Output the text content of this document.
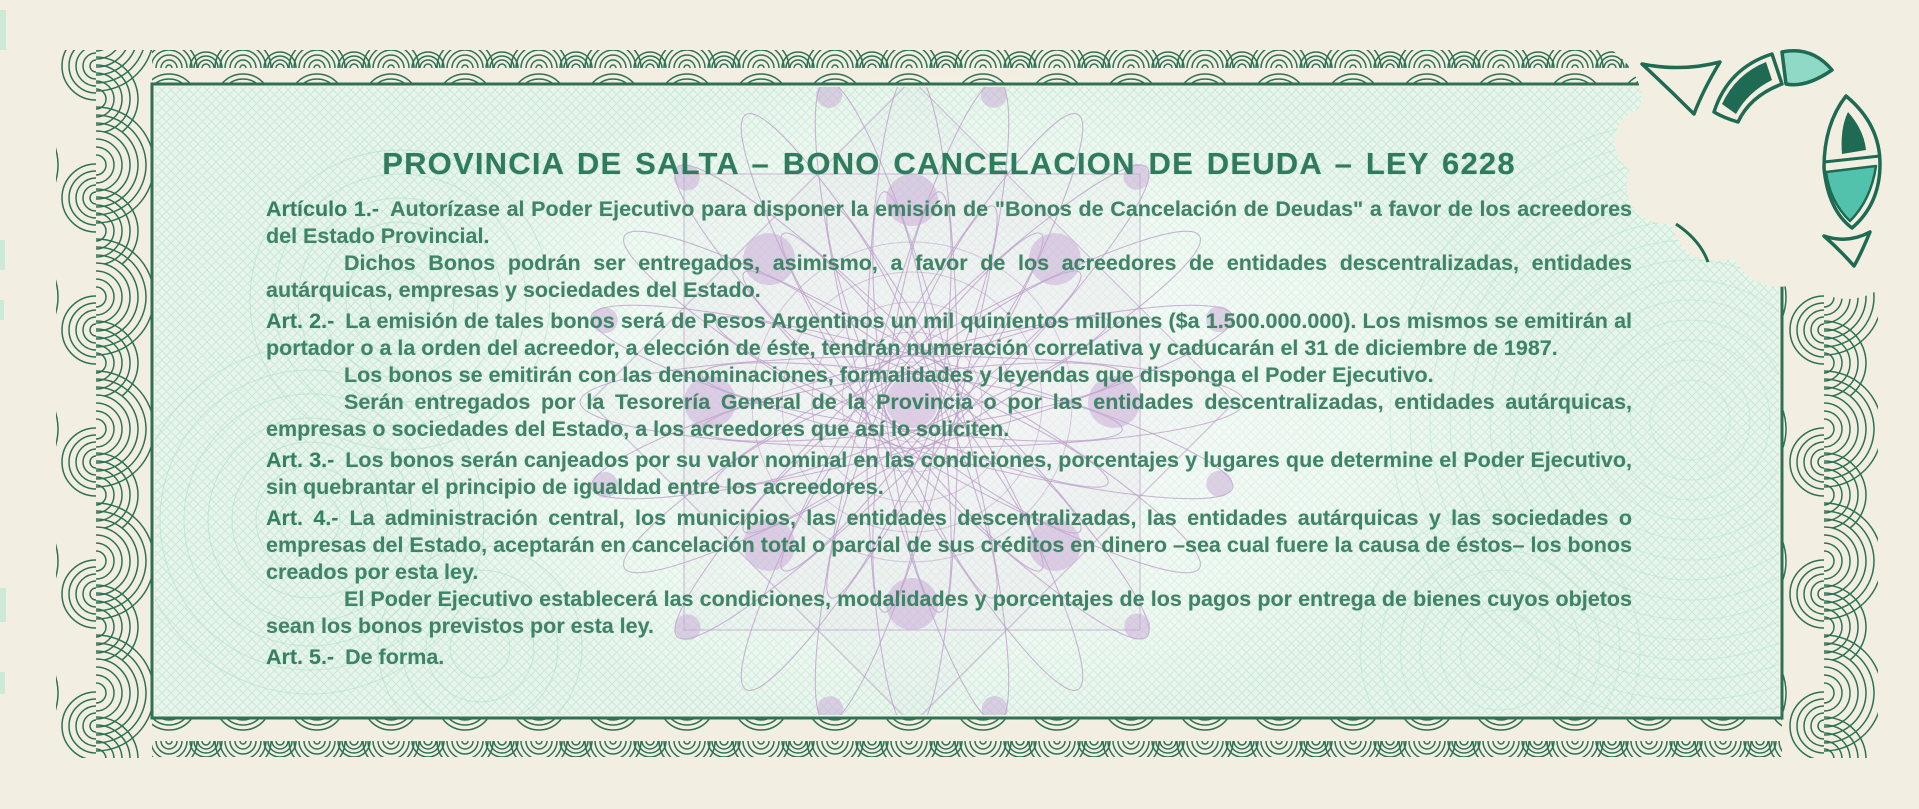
PROVINCIA DE SALTA – BONO CANCELACION DE DEUDA – LEY 6228

Artículo 1.- Autorízase al Poder Ejecutivo para disponer la emisión de "Bonos de Cancelación de Deudas" a favor de los acreedores del Estado Provincial.

Dichos Bonos podrán ser entregados, asimismo, a favor de los acreedores de entidades descentralizadas, entidades autárquicas, empresas y sociedades del Estado.

Art. 2.- La emisión de tales bonos será de Pesos Argentinos un mil quinientos millones ($a 1.500.000.000). Los mismos se emitirán al portador o a la orden del acreedor, a elección de éste, tendrán numeración correlativa y caducarán el 31 de diciembre de 1987.

Los bonos se emitirán con las denominaciones, formalidades y leyendas que disponga el Poder Ejecutivo.

Serán entregados por la Tesorería General de la Provincia o por las entidades descentralizadas, entidades autárquicas, empresas o sociedades del Estado, a los acreedores que así lo soliciten.

Art. 3.- Los bonos serán canjeados por su valor nominal en las condiciones, porcentajes y lugares que determine el Poder Ejecutivo, sin quebrantar el principio de igualdad entre los acreedores.

Art. 4.- La administración central, los municipios, las entidades descentralizadas, las entidades autárquicas y las sociedades o empresas del Estado, aceptarán en cancelación total o parcial de sus créditos en dinero –sea cual fuere la causa de éstos– los bonos creados por esta ley.

El Poder Ejecutivo establecerá las condiciones, modalidades y porcentajes de los pagos por entrega de bienes cuyos objetos sean los bonos previstos por esta ley.

Art. 5.- De forma.
